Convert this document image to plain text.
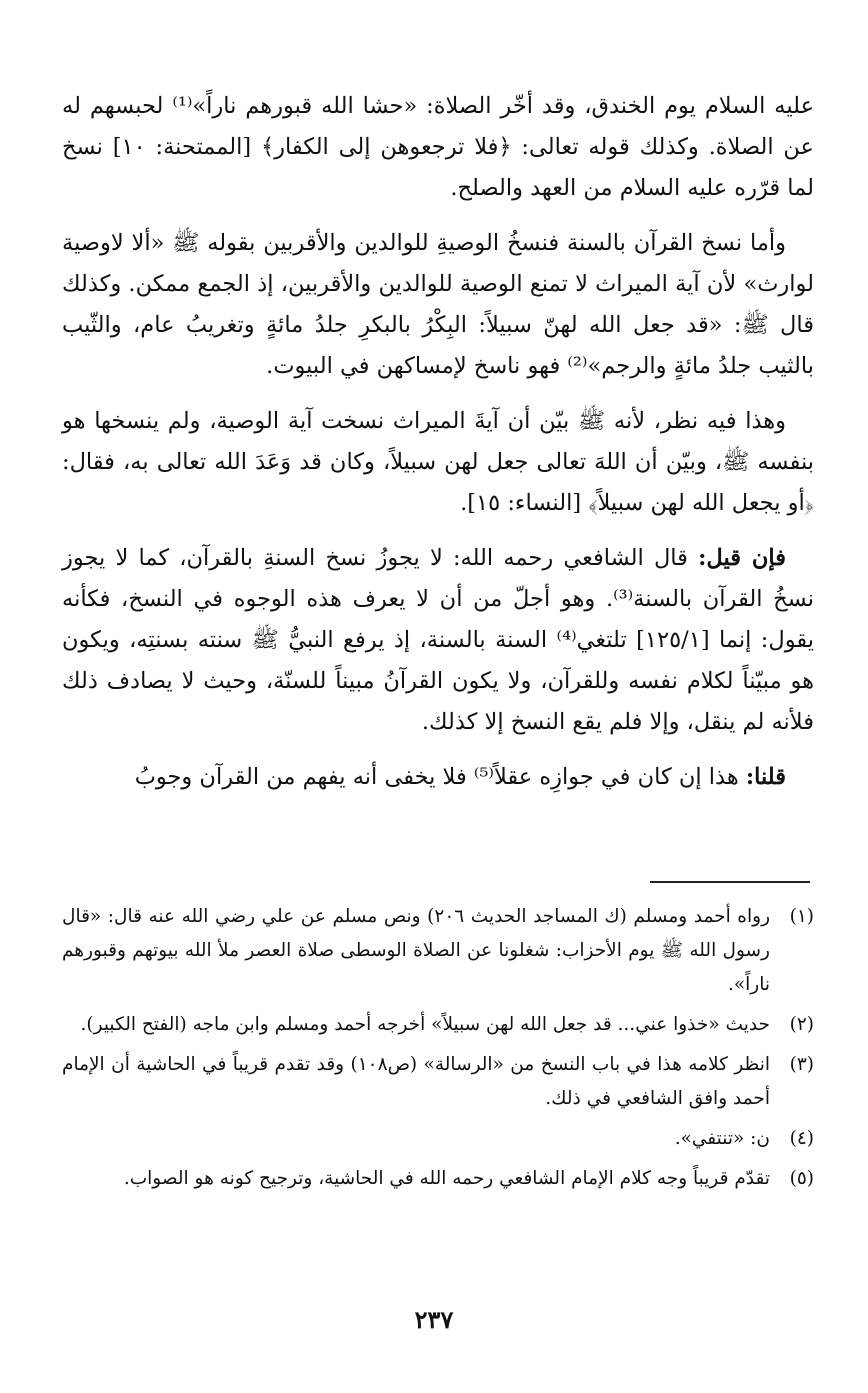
عليه السلام يوم الخندق، وقد أخّر الصلاة: «حشا الله قبورهم ناراً»⁽¹⁾ لحبسهم له عن الصلاة. وكذلك قوله تعالى: ﴿فلا ترجعوهن إلى الكفار﴾ [الممتحنة: ١٠] نسخ لما قرّره عليه السلام من العهد والصلح.

وأما نسخ القرآن بالسنة فنسخُ الوصيةِ للوالدين والأقربين بقوله ﷺ «ألا لاوصية لوارث» لأن آية الميراث لا تمنع الوصية للوالدين والأقربين، إذ الجمع ممكن. وكذلك قال ﷺ: «قد جعل الله لهنّ سبيلاً: البِكْرُ بالبكرِ جلدُ مائةٍ وتغريبُ عام، والثّيب بالثيب جلدُ مائةٍ والرجم»⁽²⁾ فهو ناسخ لإمساكهن في البيوت.

وهذا فيه نظر، لأنه ﷺ بيّن أن آيةَ الميراث نسخت آية الوصية، ولم ينسخها هو بنفسه ﷺ، وبيّن أن اللهَ تعالى جعل لهن سبيلاً، وكان قد وَعَدَ الله تعالى به، فقال: ﴿أو يجعل الله لهن سبيلاً﴾ [النساء: ١٥].

فإن قيل: قال الشافعي رحمه الله: لا يجوزُ نسخ السنةِ بالقرآن، كما لا يجوز نسخُ القرآن بالسنة⁽³⁾. وهو أجلّ من أن لا يعرف هذه الوجوه في النسخ، فكأنه يقول: إنما [١٢٥/١] تلتغي⁽⁴⁾ السنة بالسنة، إذ يرفع النبيُّ ﷺ سنته بسنتِه، ويكون هو مبيّناً لكلام نفسه وللقرآن، ولا يكون القرآنُ مبيناً للسنّة، وحيث لا يصادف ذلك فلأنه لم ينقل، وإلا فلم يقع النسخ إلا كذلك.

قلنا: هذا إن كان في جوازِه عقلاً⁽⁵⁾ فلا يخفى أنه يفهم من القرآن وجوبُ

(١)
رواه أحمد ومسلم (ك المساجد الحديث ٢٠٦) ونص مسلم عن علي رضي الله عنه قال: «قال رسول الله ﷺ يوم الأحزاب: شغلونا عن الصلاة الوسطى صلاة العصر ملأ الله بيوتهم وقبورهم ناراً».
(٢)
حديث «خذوا عني... قد جعل الله لهن سبيلاً» أخرجه أحمد ومسلم وابن ماجه (الفتح الكبير).
(٣)
انظر كلامه هذا في باب النسخ من «الرسالة» (ص١٠٨) وقد تقدم قريباً في الحاشية أن الإمام أحمد وافق الشافعي في ذلك.
(٤)
ن: «تنتفي».
(٥)
تقدّم قريباً وجه كلام الإمام الشافعي رحمه الله في الحاشية، وترجيح كونه هو الصواب.
٢٣٧
